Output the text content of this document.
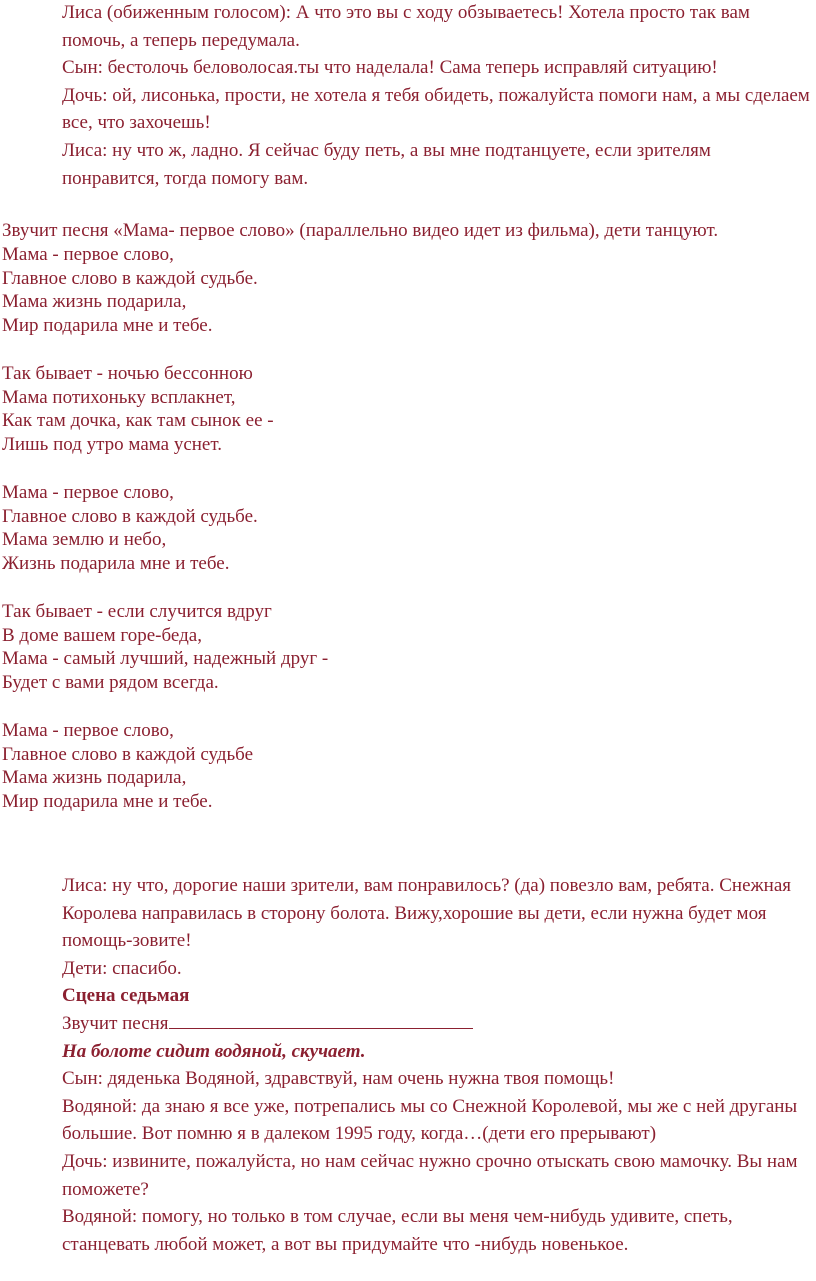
Лиса (обиженным голосом): А что это вы с ходу обзываетесь! Хотела просто так вам помочь, а теперь передумала.

Сын: бестолочь беловолосая.ты что наделала! Сама теперь исправляй ситуацию!

Дочь: ой, лисонька, прости, не хотела я тебя обидеть, пожалуйста помоги нам, а мы сделаем все, что захочешь!

Лиса: ну что ж, ладно. Я сейчас буду петь, а вы мне подтанцуете, если зрителям понравится, тогда помогу вам.

Звучит песня «Мама- первое слово» (параллельно видео идет из фильма), дети танцуют.

Мама - первое слово,

Главное слово в каждой судьбе.

Мама жизнь подарила,

Мир подарила мне и тебе.

Так бывает - ночью бессонною

Мама потихоньку всплакнет,

Как там дочка, как там сынок ее -

Лишь под утро мама уснет.

Мама - первое слово,

Главное слово в каждой судьбе.

Мама землю и небо,

Жизнь подарила мне и тебе.

Так бывает - если случится вдруг

В доме вашем горе-беда,

Мама - самый лучший, надежный друг -

Будет с вами рядом всегда.

Мама - первое слово,

Главное слово в каждой судьбе

Мама жизнь подарила,

Мир подарила мне и тебе.

Лиса: ну что, дорогие наши зрители, вам понравилось? (да) повезло вам, ребята. Снежная Королева направилась в сторону болота. Вижу,хорошие вы дети, если нужна будет моя помощь-зовите!

Дети: спасибо.

Сцена седьмая

Звучит песня

На болоте сидит водяной, скучает.

Сын: дяденька Водяной, здравствуй, нам очень нужна твоя помощь!

Водяной: да знаю я все уже, потрепались мы со Снежной Королевой, мы же с ней друганы большие. Вот помню я в далеком 1995 году, когда…(дети его прерывают)

Дочь: извините, пожалуйста, но нам сейчас нужно срочно отыскать свою мамочку. Вы нам поможете?

Водяной: помогу, но только в том случае, если вы меня чем-нибудь удивите, спеть, станцевать любой может, а вот вы придумайте что -нибудь новенькое.
